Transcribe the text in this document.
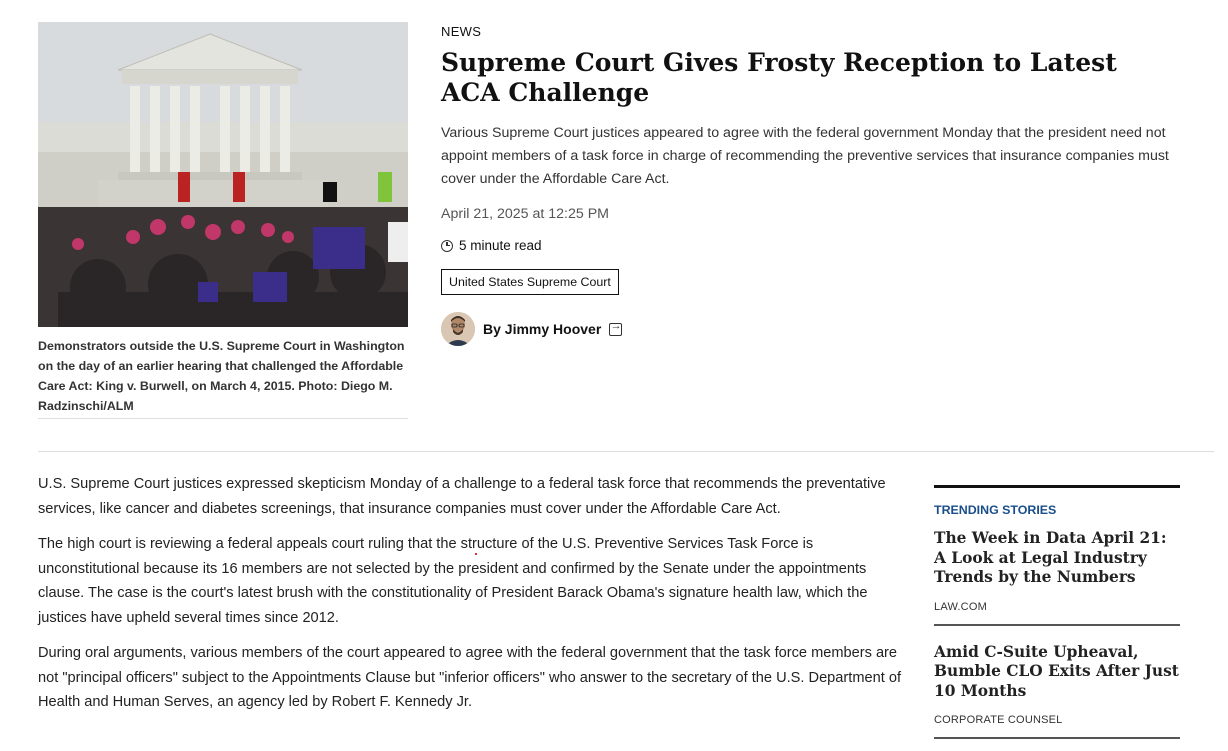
Demonstrators outside the U.S. Supreme Court in Washington on the day of an earlier hearing that challenged the Affordable Care Act: King v. Burwell, on March 4, 2015. Photo: Diego M. Radzinschi/ALM
NEWS
Supreme Court Gives Frosty Reception to Latest ACA Challenge

Various Supreme Court justices appeared to agree with the federal government Monday that the president need not appoint members of a task force in charge of recommending the preventive services that insurance companies must cover under the Affordable Care Act.

April 21, 2025 at 12:25 PM
5 minute read
United States Supreme Court
By Jimmy Hoover →

U.S. Supreme Court justices expressed skepticism Monday of a challenge to a federal task force that recommends the preventative services, like cancer and diabetes screenings, that insurance companies must cover under the Affordable Care Act.

The high court is reviewing a federal appeals court ruling that the structure of the U.S. Preventive Services Task Force is unconstitutional because its 16 members are not selected by the president and confirmed by the Senate under the appointments clause. The case is the court's latest brush with the constitutionality of President Barack Obama's signature health law, which the justices have upheld several times since 2012.

During oral arguments, various members of the court appeared to agree with the federal government that the task force members are not "principal officers" subject to the Appointments Clause but "inferior officers" who answer to the secretary of the U.S. Department of Health and Human Serves, an agency led by Robert F. Kennedy Jr.

TRENDING STORIES
The Week in Data April 21: A Look at Legal Industry Trends by the Numbers
LAW.COM
Amid C-Suite Upheaval, Bumble CLO Exits After Just 10 Months
CORPORATE COUNSEL
